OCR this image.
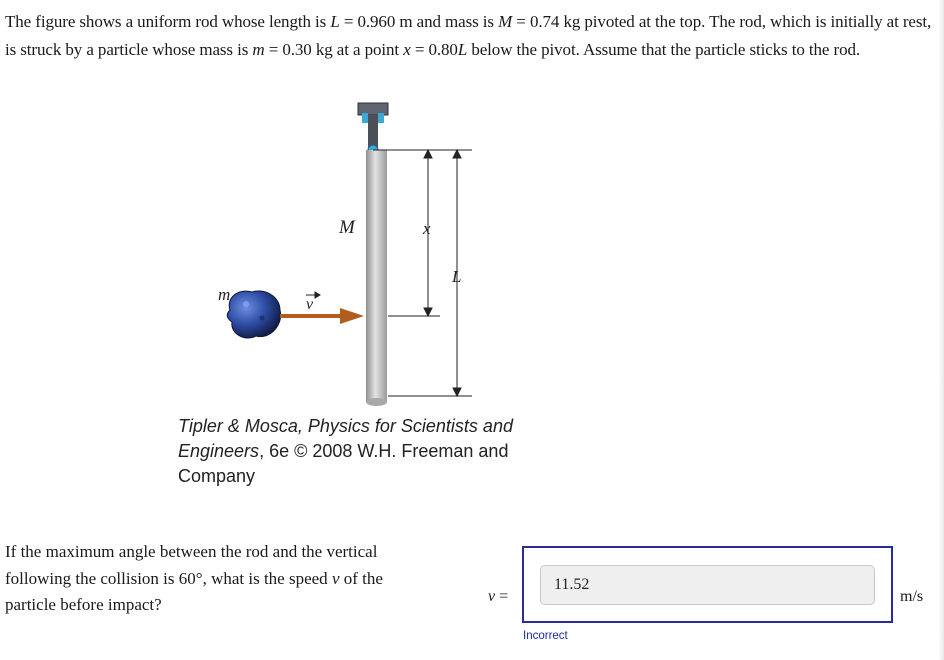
The figure shows a uniform rod whose length is L = 0.960 m and mass is M = 0.74 kg pivoted at the top. The rod, which is initially at rest, is struck by a particle whose mass is m = 0.30 kg at a point x = 0.80L below the pivot. Assume that the particle sticks to the rod.
M	x
L
m
v
Tipler & Mosca, Physics for Scientists and Engineers, 6e © 2008 W.H. Freeman and Company
If the maximum angle between the rod and the vertical following the collision is 60°, what is the speed v of the particle before impact?	v =
11.52
m/s
Incorrect
